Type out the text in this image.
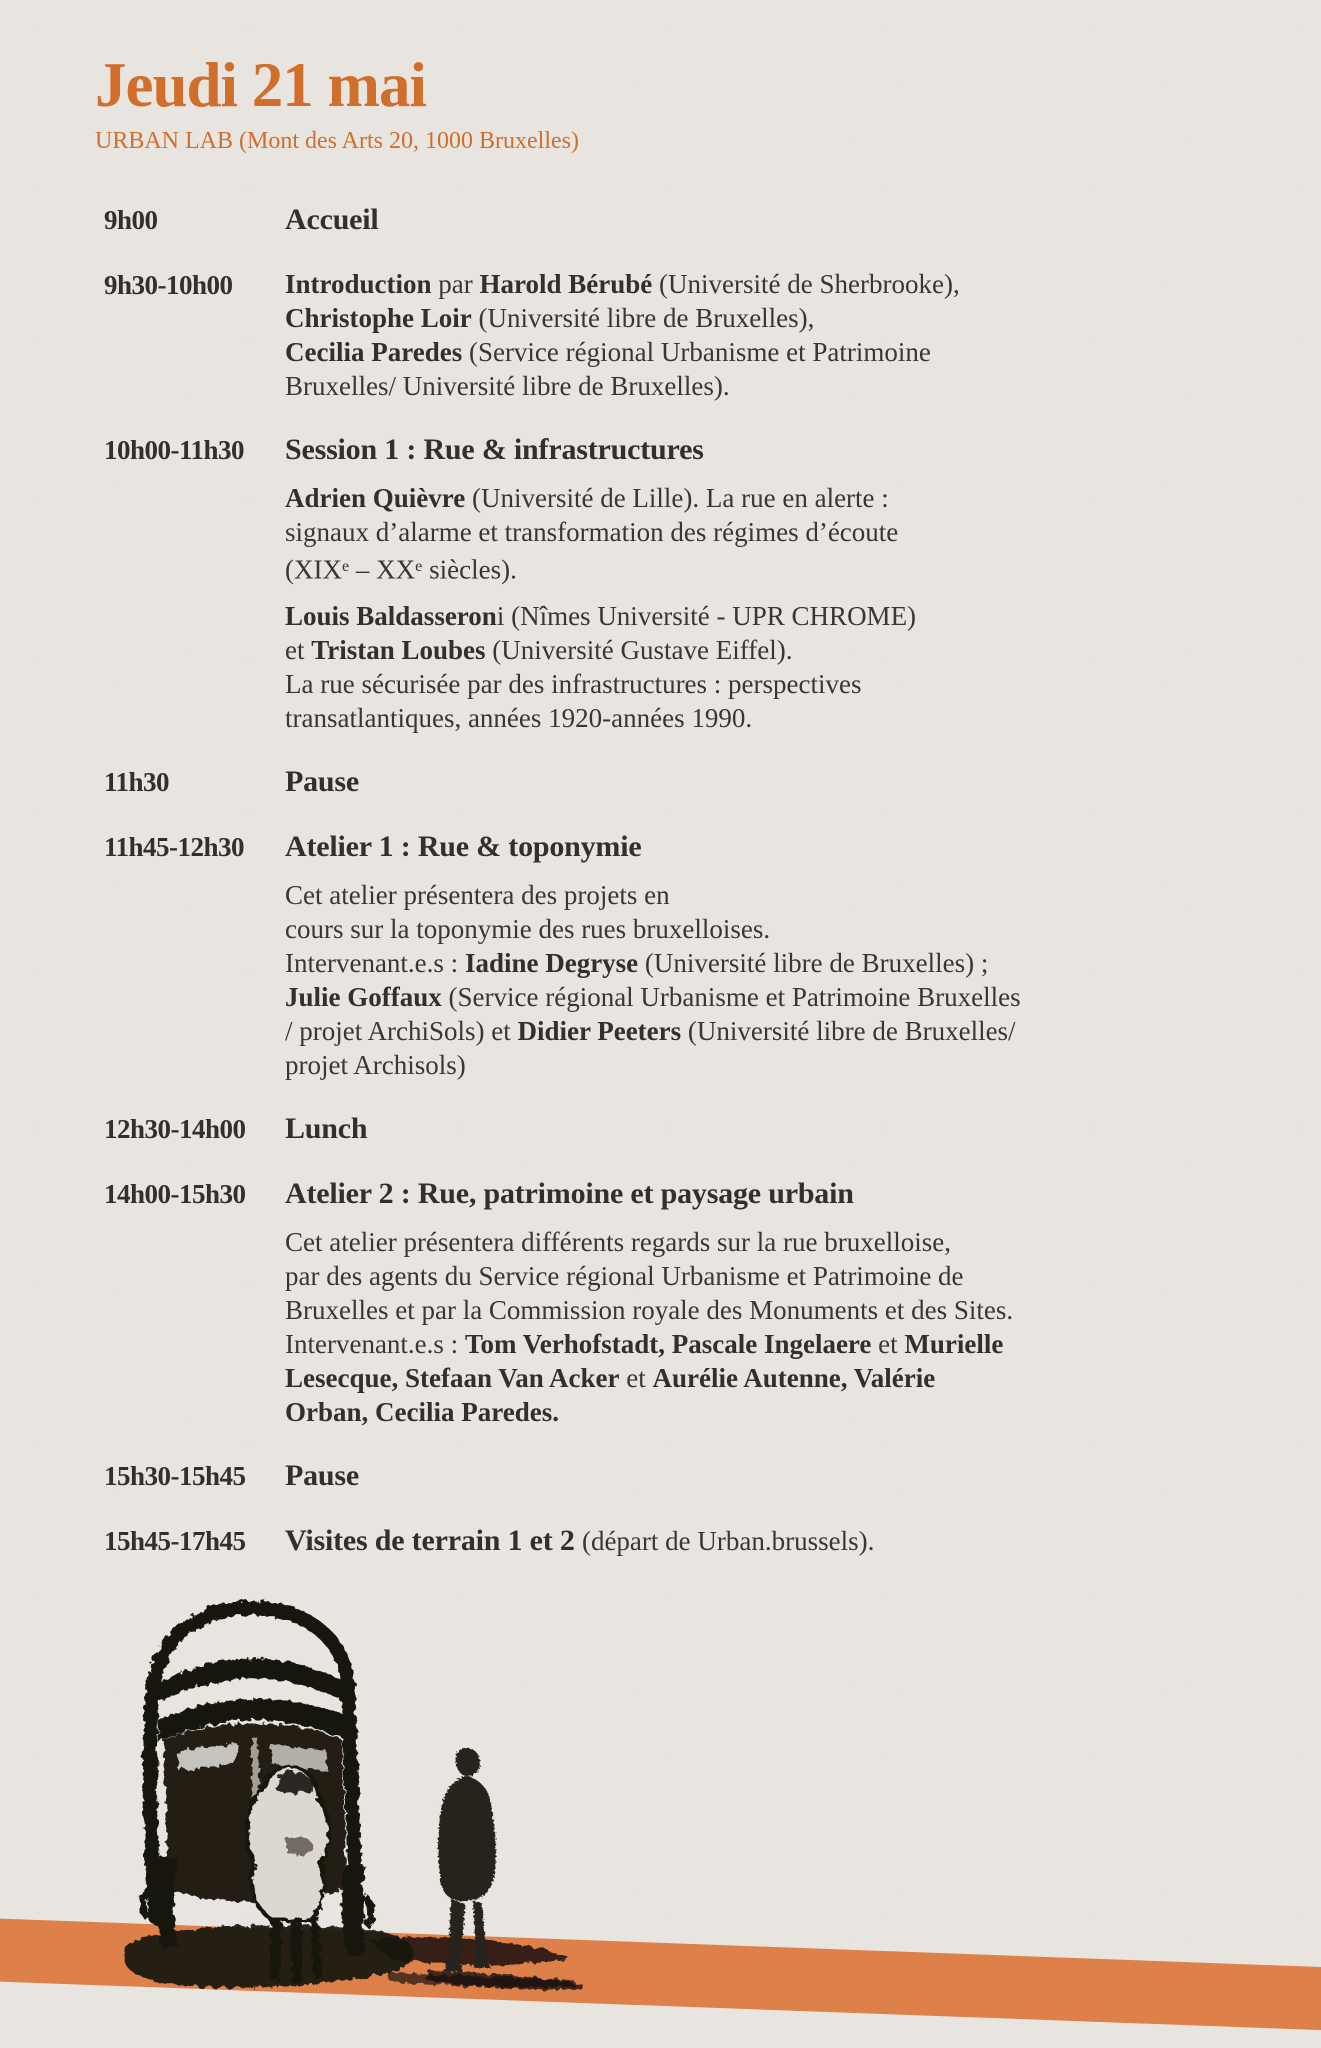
Jeudi 21 mai
URBAN LAB (Mont des Arts 20, 1000 Bruxelles)
9h00	Accueil

9h30-10h00	Introduction par Harold Bérubé (Université de Sherbrooke),
Christophe Loir (Université libre de Bruxelles),
Cecilia Paredes (Service régional Urbanisme et Patrimoine
Bruxelles/ Université libre de Bruxelles).

10h00-11h30	Session 1 : Rue & infrastructures

Adrien Quièvre (Université de Lille). La rue en alerte :
signaux d’alarme et transformation des régimes d’écoute
(XIXe – XXe siècles).

Louis Baldasseroni (Nîmes Université - UPR CHROME)
et Tristan Loubes (Université Gustave Eiffel).
La rue sécurisée par des infrastructures : perspectives
transatlantiques, années 1920-années 1990.

11h30	Pause

11h45-12h30	Atelier 1 : Rue & toponymie

Cet atelier présentera des projets en
cours sur la toponymie des rues bruxelloises.
Intervenant.e.s : Iadine Degryse (Université libre de Bruxelles) ;
Julie Goffaux (Service régional Urbanisme et Patrimoine Bruxelles
/ projet ArchiSols) et Didier Peeters (Université libre de Bruxelles/
projet Archisols)

12h30-14h00	Lunch

14h00-15h30	Atelier 2 : Rue, patrimoine et paysage urbain

Cet atelier présentera différents regards sur la rue bruxelloise,
par des agents du Service régional Urbanisme et Patrimoine de
Bruxelles et par la Commission royale des Monuments et des Sites.
Intervenant.e.s : Tom Verhofstadt, Pascale Ingelaere et Murielle
Lesecque, Stefaan Van Acker et Aurélie Autenne, Valérie
Orban, Cecilia Paredes.

15h30-15h45	Pause

15h45-17h45	Visites de terrain 1 et 2 (départ de Urban.brussels).
